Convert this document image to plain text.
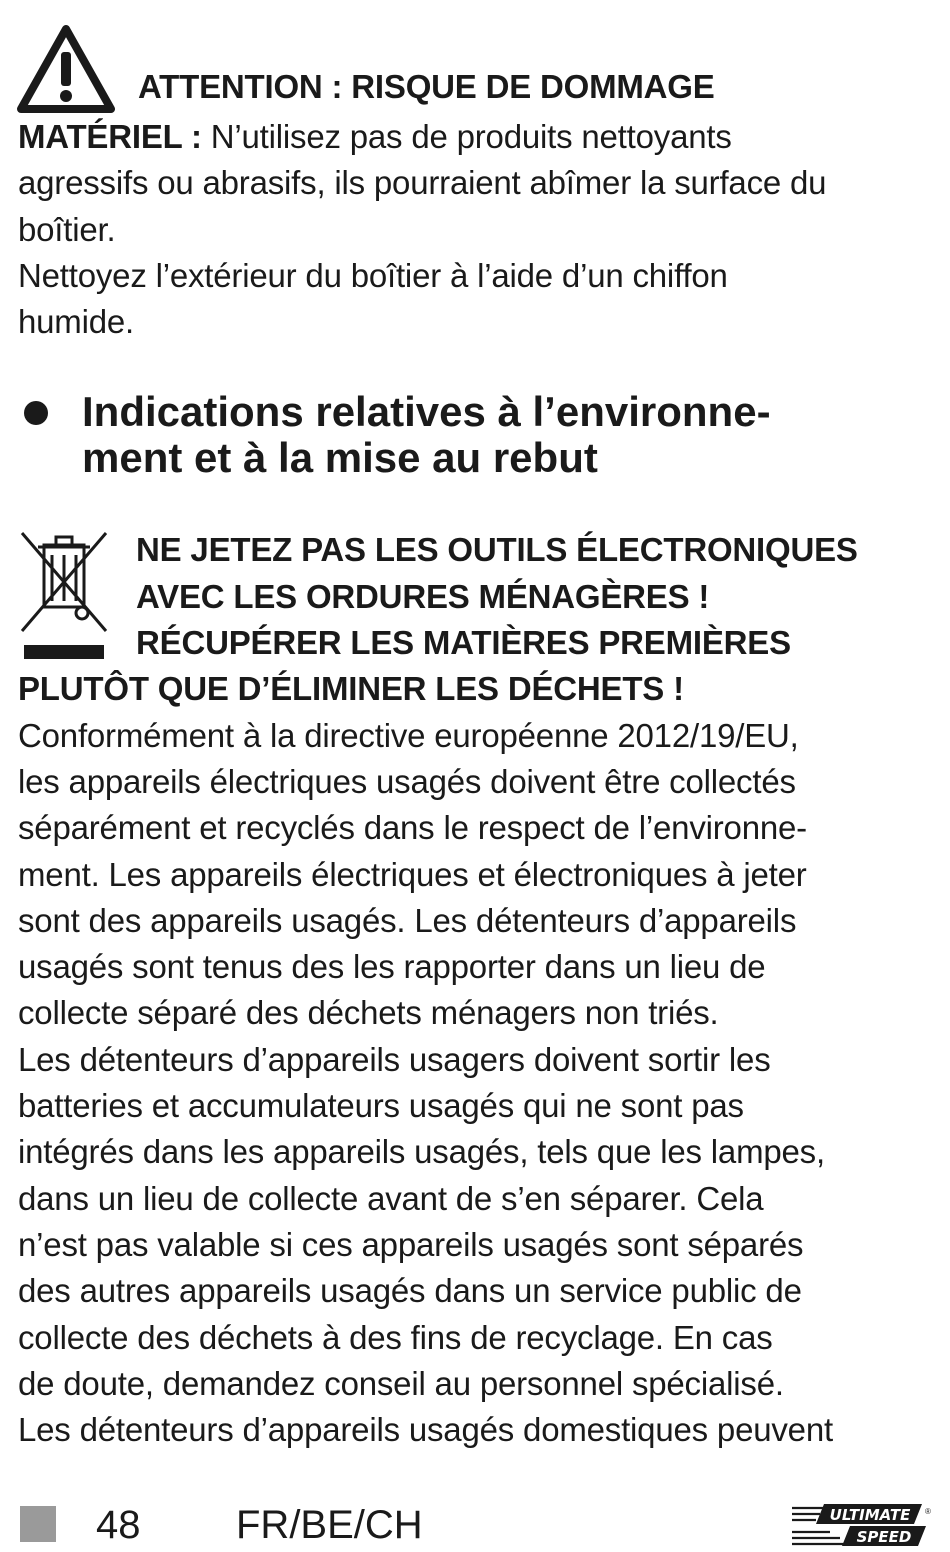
ATTENTION : RISQUE DE DOMMAGE

MATÉRIEL : N’utilisez pas de produits nettoyants

agressifs ou abrasifs, ils pourraient abîmer la surface du

boîtier.

Nettoyez l’extérieur du boîtier à l’aide d’un chiffon

humide.

Indications relatives à l’environne-
ment et à la mise au rebut

NE JETEZ PAS LES OUTILS ÉLECTRONIQUES

AVEC LES ORDURES MÉNAGÈRES !

RÉCUPÉRER LES MATIÈRES PREMIÈRES

PLUTÔT QUE D’ÉLIMINER LES DÉCHETS !

Conformément à la directive européenne 2012/19/EU,

les appareils électriques usagés doivent être collectés

séparément et recyclés dans le respect de l’environne-

ment. Les appareils électriques et électroniques à jeter

sont des appareils usagés. Les détenteurs d’appareils

usagés sont tenus des les rapporter dans un lieu de

collecte séparé des déchets ménagers non triés.

Les détenteurs d’appareils usagers doivent sortir les

batteries et accumulateurs usagés qui ne sont pas

intégrés dans les appareils usagés, tels que les lampes,

dans un lieu de collecte avant de s’en séparer. Cela

n’est pas valable si ces appareils usagés sont séparés

des autres appareils usagés dans un service public de

collecte des déchets à des fins de recyclage. En cas

de doute, demandez conseil au personnel spécialisé.

Les détenteurs d’appareils usagés domestiques peuvent

48 FR/BE/CH	ULTIMATE
SPEED
®
